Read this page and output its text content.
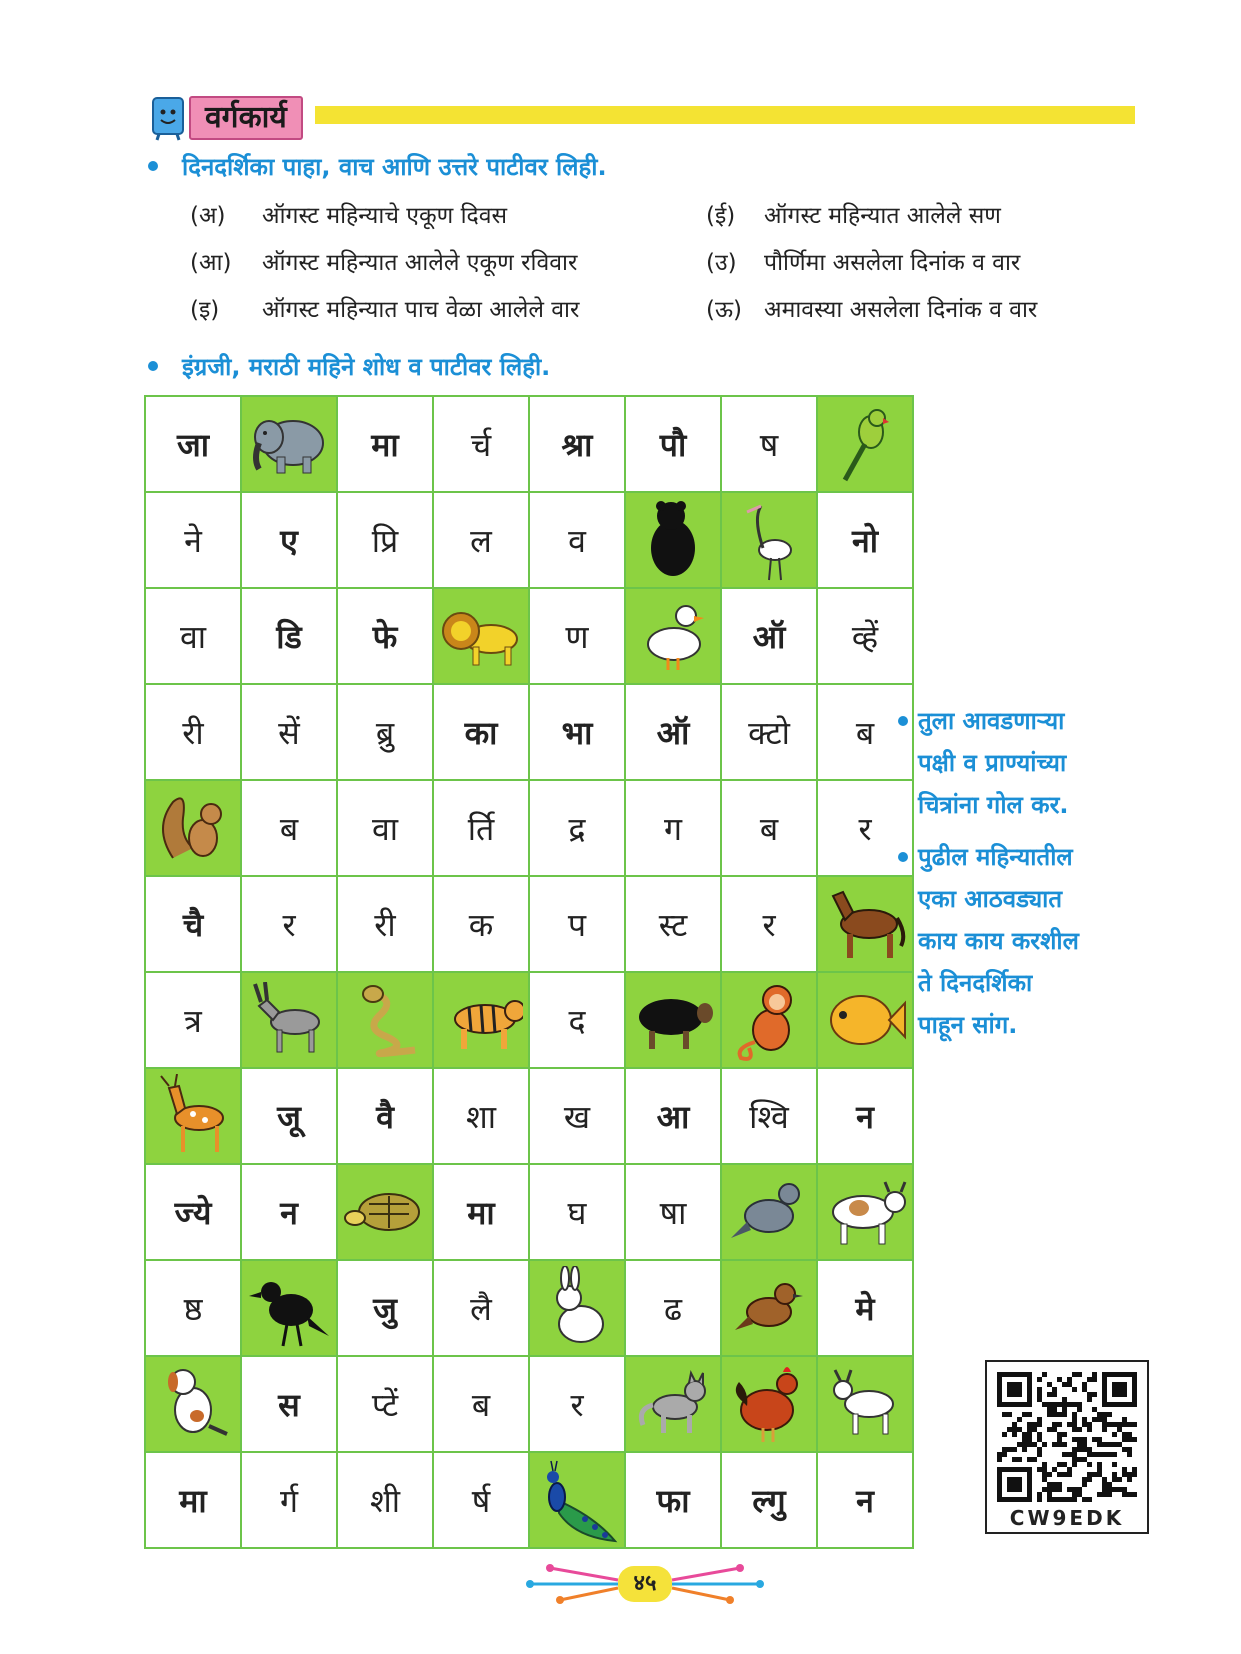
वर्गकार्य
दिनदर्शिका पाहा, वाच आणि उत्तरे पाटीवर लिही.
(अ) ऑगस्ट महिन्याचे एकूण दिवस
(आ) ऑगस्ट महिन्यात आलेले एकूण रविवार
(इ) ऑगस्ट महिन्यात पाच वेळा आलेले वार
(ई) ऑगस्ट महिन्यात आलेले सण
(उ) पौर्णिमा असलेला दिनांक व वार
(ऊ) अमावस्या असलेला दिनांक व वार
इंग्रजी, मराठी महिने शोध व पाटीवर लिही.
जा		मा	र्च	श्रा	पौ	ष	

ने	ए	प्रि	ल	व			नो
वा	डि	फे		ण		ऑ	व्हें
री	सें	ब्रु	का	भा	ऑ	क्टो	ब

	ब	वा	र्ति	द्र	ग	ब	र
चै	र	री	क	प	स्ट	र	

त्र				द	

	जू	वै	शा	ख	आ	श्वि	न
ज्ये	न		मा	घ	षा	

ष्ठ		जु	लै		ढ		मे

	स	प्टें	ब	र	

मा	र्ग	शी	र्ष		फा	ल्गु	न
तुला आवडणाऱ्या
पक्षी व प्राण्यांच्या
चित्रांना गोल कर.
पुढील महिन्यातील
एका आठवड्यात
काय काय करशील
ते दिनदर्शिका
पाहून सांग.
CW9EDK
४५
